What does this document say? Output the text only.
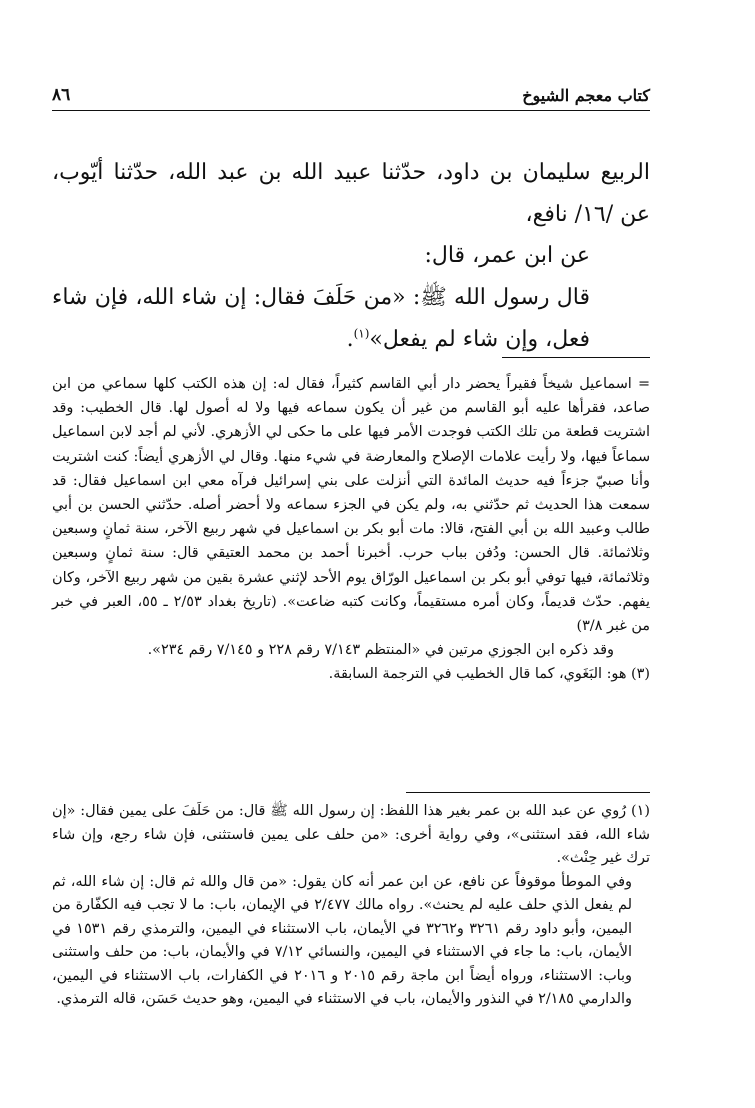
٨٦	كتاب معجم الشيوخ

الربيع سليمان بن داود، حدّثنا عبيد الله بن عبد الله، حدّثنا أيّوب، عن /١٦/ نافع،

عن ابن عمر، قال:

قال رسول الله ﷺ: «من حَلَفَ فقال: إن شاء الله، فإن شاء فعل، وإن شاء لم يفعل»$^{(١)}$.

= اسماعيل شيخاً فقيراً يحضر دار أبي القاسم كثيراً، فقال له: إن هذه الكتب كلها سماعي من ابن صاعد، فقرأها عليه أبو القاسم من غير أن يكون سماعه فيها ولا له أصول لها. قال الخطيب: وقد اشتريت قطعة من تلك الكتب فوجدت الأمر فيها على ما حكى لي الأزهري. لأني لم أجد لابن اسماعيل سماعاً فيها، ولا رأيت علامات الإصلاح والمعارضة في شيء منها. وقال لي الأزهري أيضاً: كنت اشتريت وأنا صبيّ جزءاً فيه حديث المائدة التي أنزلت على بني إسرائيل فرآه معي ابن اسماعيل فقال: قد سمعت هذا الحديث ثم حدّثني به، ولم يكن في الجزء سماعه ولا أحضر أصله. حدّثني الحسن بن أبي طالب وعبيد الله بن أبي الفتح، قالا: مات أبو بكر بن اسماعيل في شهر ربيع الآخر، سنة ثمانٍ وسبعين وثلاثمائة. قال الحسن: ودُفن بباب حرب. أخبرنا أحمد بن محمد العتيقي قال: سنة ثمانٍ وسبعين وثلاثمائة، فيها توفي أبو بكر بن اسماعيل الورّاق يوم الأحد لإثني عشرة بقين من شهر ربيع الآخر، وكان يفهم. حدّث قديماً، وكان أمره مستقيماً، وكانت كتبه ضاعت». (تاريخ بغداد ٢/٥٣ ـ ٥٥، العبر في خبر من غبر ٣/٨)

وقد ذكره ابن الجوزي مرتين في «المنتظم ٧/١٤٣ رقم ٢٢٨ و ٧/١٤٥ رقم ٢٣٤».

(٣) هو: البَغَوي، كما قال الخطيب في الترجمة السابقة.

(١) رُوي عن عبد الله بن عمر بغير هذا اللفظ: إن رسول الله ﷺ قال: من حَلَفَ على يمين فقال: «إن شاء الله، فقد استثنى»، وفي رواية أخرى: «من حلف على يمين فاستثنى، فإن شاء رجع، وإن شاء ترك غير حِنْث».

وفي الموطأ موقوفاً عن نافع، عن ابن عمر أنه كان يقول: «من قال والله ثم قال: إن شاء الله، ثم لم يفعل الذي حلف عليه لم يحنث». رواه مالك ٢/٤٧٧ في الإيمان، باب: ما لا تجب فيه الكفّارة من اليمين، وأبو داود رقم ٣٢٦١ و٣٢٦٢ في الأيمان، باب الاستثناء في اليمين، والترمذي رقم ١٥٣١ في الأيمان، باب: ما جاء في الاستثناء في اليمين، والنسائي ٧/١٢ في والأيمان، باب: من حلف واستثنى وباب: الاستثناء، ورواه أيضاً ابن ماجة رقم ٢٠١٥ و ٢٠١٦ في الكفارات، باب الاستثناء في اليمين، والدارمي ٢/١٨٥ في النذور والأيمان، باب في الاستثناء في اليمين، وهو حديث حَسَن، قاله الترمذي.
